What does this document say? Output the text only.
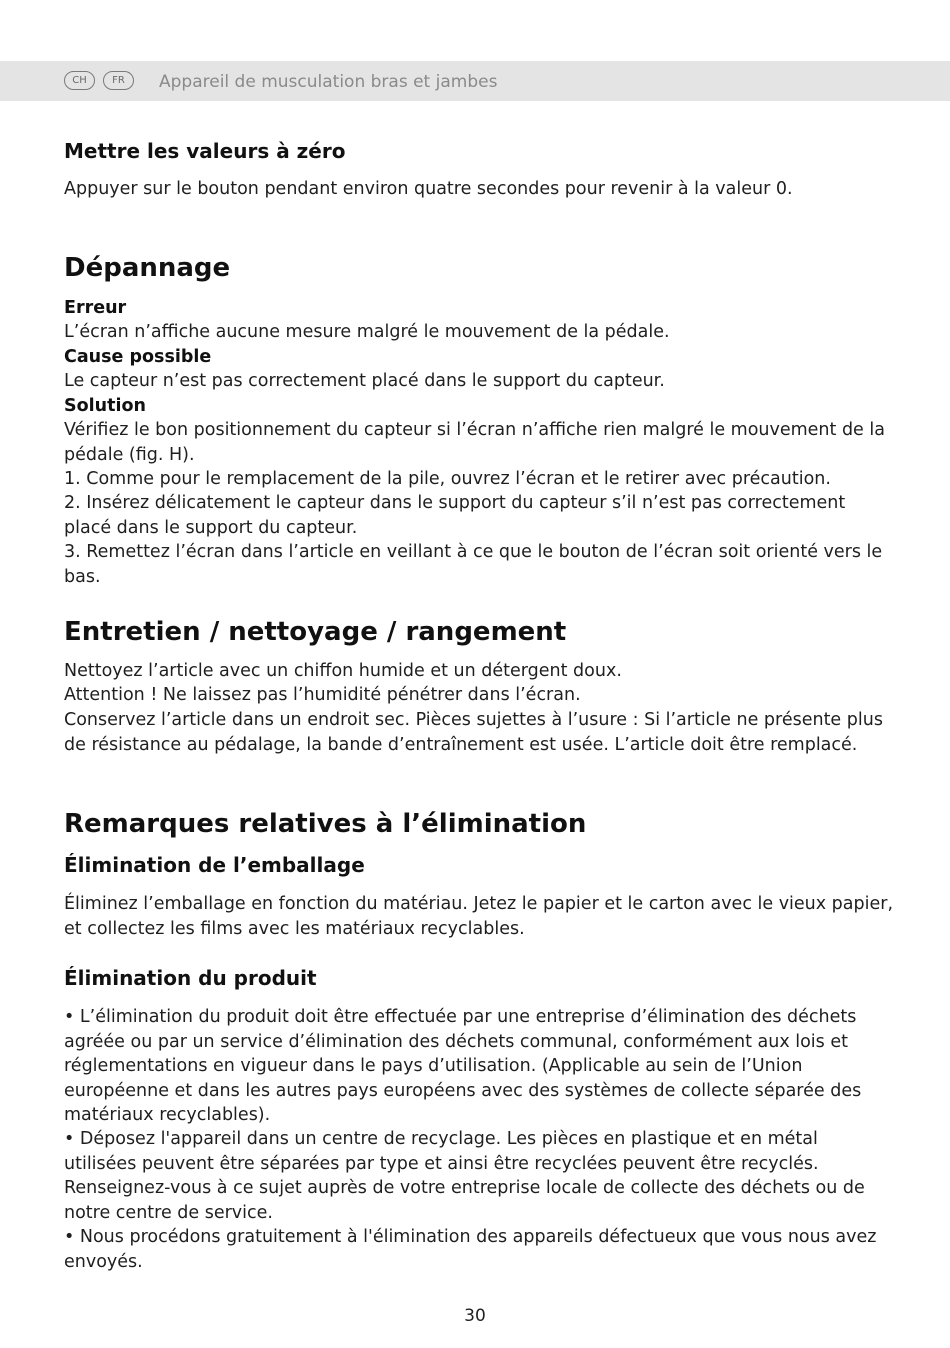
CH	FR	Appareil de musculation bras et jambes
Mettre les valeurs à zéro

Appuyer sur le bouton pendant environ quatre secondes pour revenir à la valeur 0.

Dépannage
Erreur

L’écran n’affiche aucune mesure malgré le mouvement de la pédale.

Cause possible

Le capteur n’est pas correctement placé dans le support du capteur.

Solution

Vérifiez le bon positionnement du capteur si l’écran n’affiche rien malgré le mouvement de la pédale (fig. H).

1. Comme pour le remplacement de la pile, ouvrez l’écran et le retirer avec précaution.

2. Insérez délicatement le capteur dans le support du capteur s’il n’est pas correctement placé dans le support du capteur.

3. Remettez l’écran dans l’article en veillant à ce que le bouton de l’écran soit orienté vers le bas.

Entretien / nettoyage / rangement

Nettoyez l’article avec un chiffon humide et un détergent doux.

Attention ! Ne laissez pas l’humidité pénétrer dans l’écran.

Conservez l’article dans un endroit sec. Pièces sujettes à l’usure : Si l’article ne présente plus de résistance au pédalage, la bande d’entraînement est usée. L’article doit être remplacé.

Remarques relatives à l’élimination
Élimination de l’emballage

Éliminez l’emballage en fonction du matériau. Jetez le papier et le carton avec le vieux papier, et collectez les films avec les matériaux recyclables.

Élimination du produit

• L’élimination du produit doit être effectuée par une entreprise d’élimination des déchets agréée ou par un service d’élimination des déchets communal, conformément aux lois et réglementations en vigueur dans le pays d’utilisation. (Applicable au sein de l’Union européenne et dans les autres pays européens avec des systèmes de collecte séparée des matériaux recyclables).

• Déposez l'appareil dans un centre de recyclage. Les pièces en plastique et en métal utilisées peuvent être séparées par type et ainsi être recyclées peuvent être recyclés. Renseignez-vous à ce sujet auprès de votre entreprise locale de collecte des déchets ou de notre centre de service.

• Nous procédons gratuitement à l'élimination des appareils défectueux que vous nous avez envoyés.

30
